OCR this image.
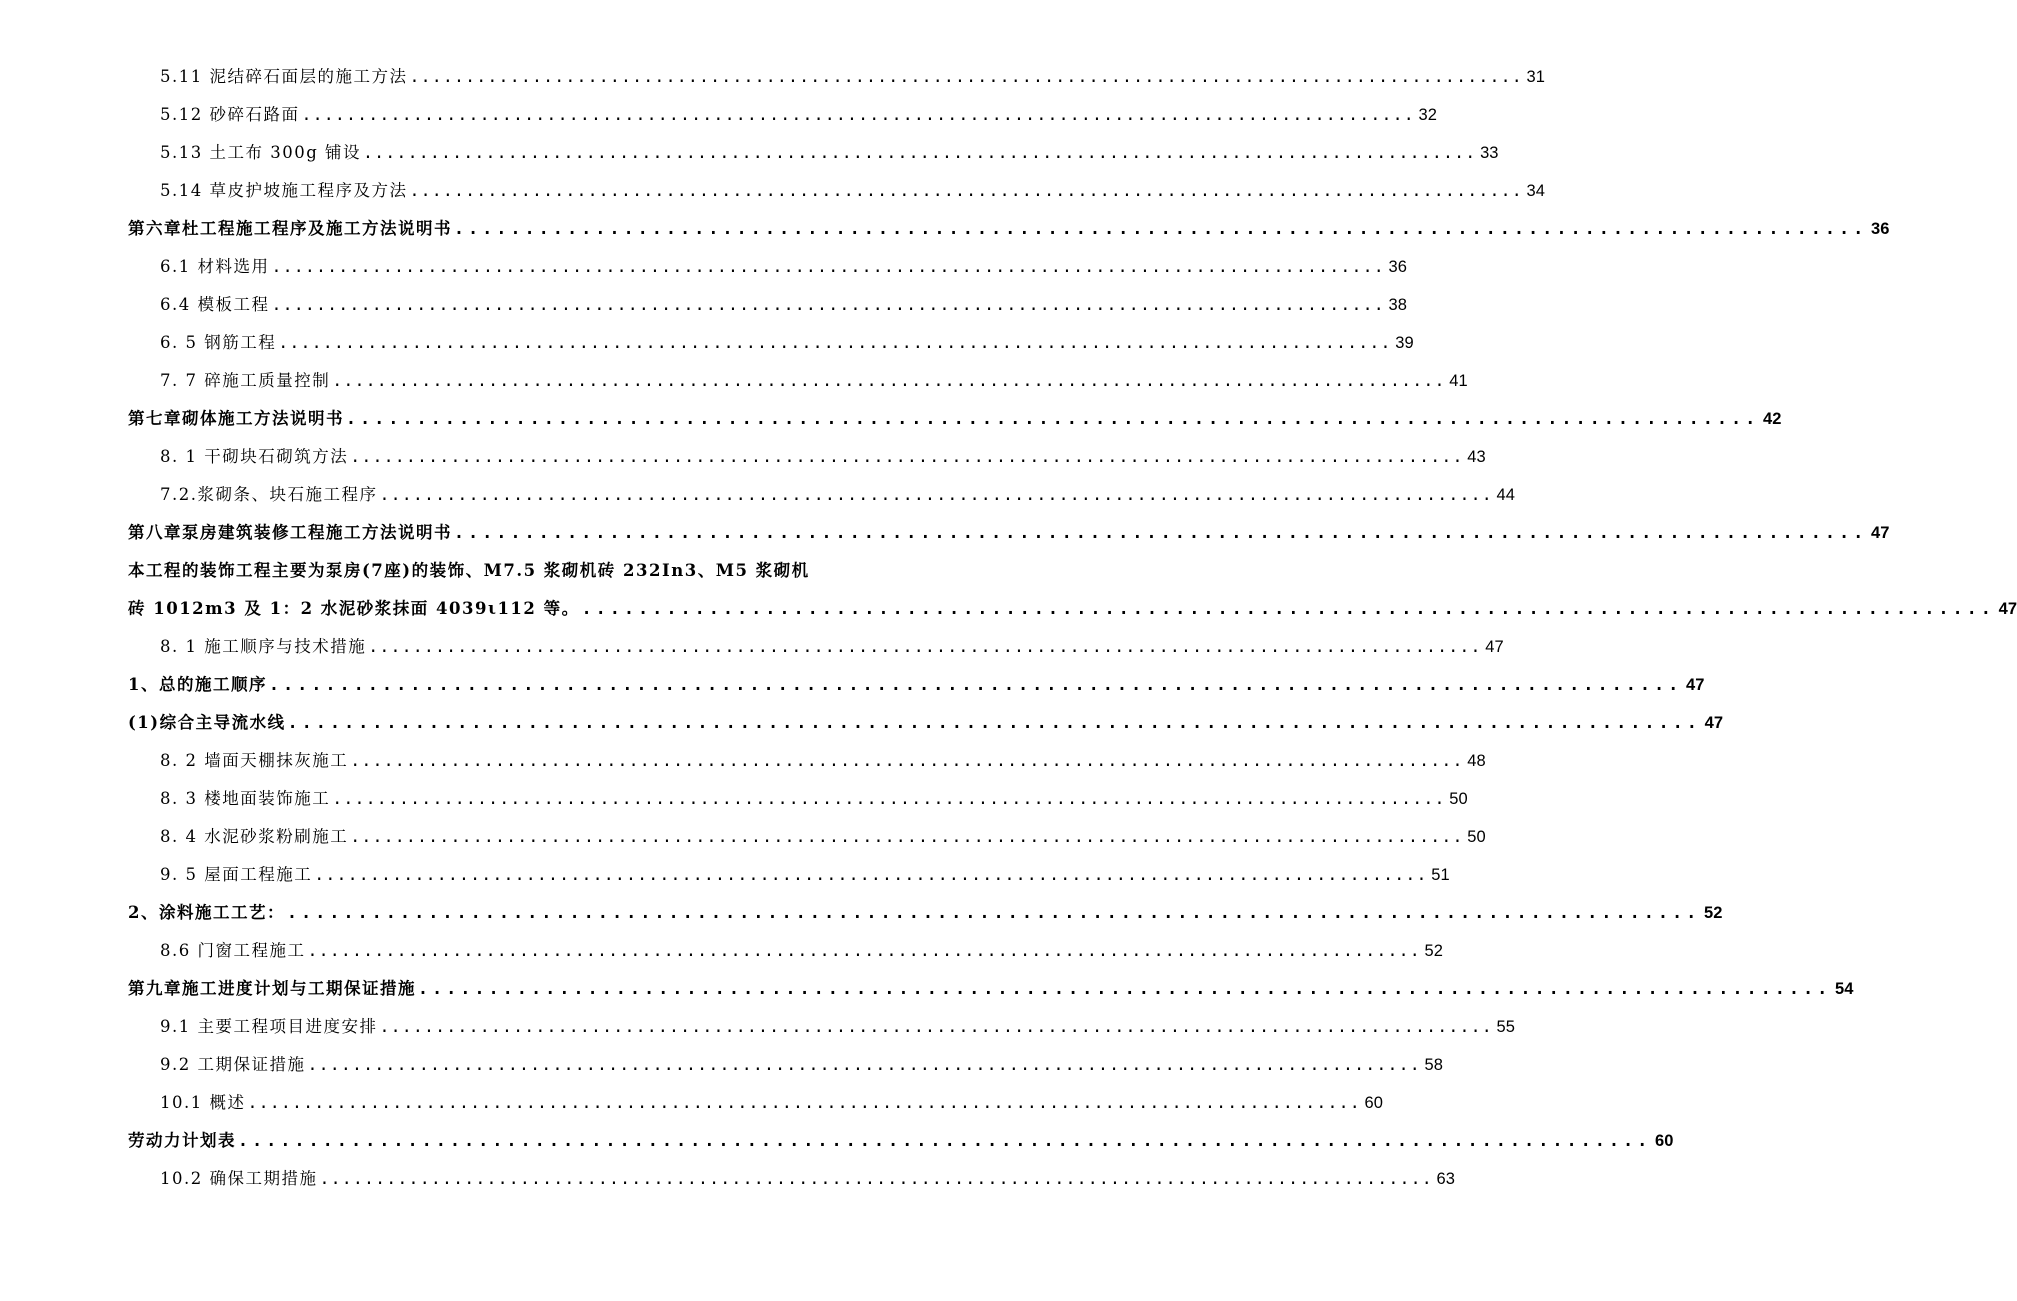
5.11 泥结碎石面层的施工方法 .................................................................................................... 31
5.12 砂碎石路面 .................................................................................................... 32
5.13 土工布 300g 铺设 .................................................................................................... 33
5.14 草皮护坡施工程序及方法 .................................................................................................... 34
第六章杜工程施工程序及施工方法说明书 .................................................................................................... 36
6.1 材料选用 .................................................................................................... 36
6.4 模板工程 .................................................................................................... 38
6. 5 钢筋工程 .................................................................................................... 39
7. 7 碎施工质量控制 .................................................................................................... 41
第七章砌体施工方法说明书 .................................................................................................... 42
8. 1 干砌块石砌筑方法 .................................................................................................... 43
7.2.浆砌条、块石施工程序 .................................................................................................... 44
第八章泵房建筑装修工程施工方法说明书 .................................................................................................... 47
本工程的装饰工程主要为泵房(7座)的装饰、M7.5 浆砌机砖 232In3、M5 浆砌机
砖 1012m3 及 1：2 水泥砂浆抹面 4039ι112 等。 .................................................................................................... 47
8. 1 施工顺序与技术措施 .................................................................................................... 47
1、总的施工顺序 .................................................................................................... 47
(1)综合主导流水线 .................................................................................................... 47
8. 2 墙面天棚抹灰施工 .................................................................................................... 48
8. 3 楼地面装饰施工 .................................................................................................... 50
8. 4 水泥砂浆粉刷施工 .................................................................................................... 50
9. 5 屋面工程施工 .................................................................................................... 51
2、涂料施工工艺： .................................................................................................... 52
8.6 门窗工程施工 .................................................................................................... 52
第九章施工进度计划与工期保证措施 .................................................................................................... 54
9.1 主要工程项目进度安排 .................................................................................................... 55
9.2 工期保证措施 .................................................................................................... 58
10.1 概述 .................................................................................................... 60
劳动力计划表 .................................................................................................... 60
10.2 确保工期措施 .................................................................................................... 63
